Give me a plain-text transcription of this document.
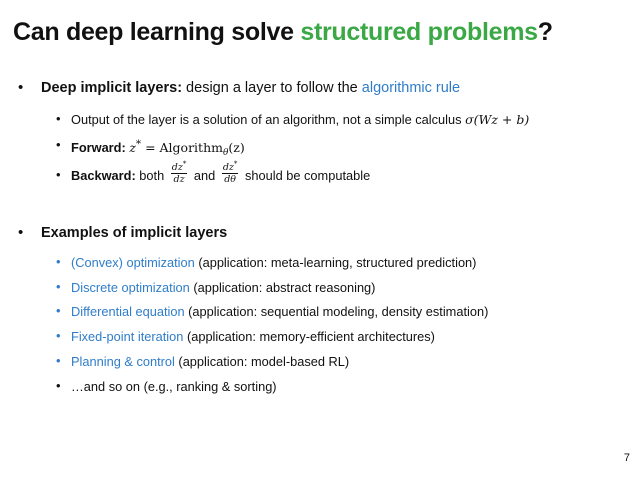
Can deep learning solve structured problems?
• Deep implicit layers: design a layer to follow the algorithmic rule
• Output of the layer is a solution of an algorithm, not a simple calculus σ(Wz + b)
• Forward: z* = Algorithm$_\theta$(z)
• Backward: both $\frac{dz^*}{dz}$ and $\frac{dz^*}{d\theta}$ should be computable
• Examples of implicit layers
• (Convex) optimization (application: meta-learning, structured prediction)
• Discrete optimization (application: abstract reasoning)
• Differential equation (application: sequential modeling, density estimation)
• Fixed-point iteration (application: memory-efficient architectures)
• Planning & control (application: model-based RL)
• …and so on (e.g., ranking & sorting)
7
